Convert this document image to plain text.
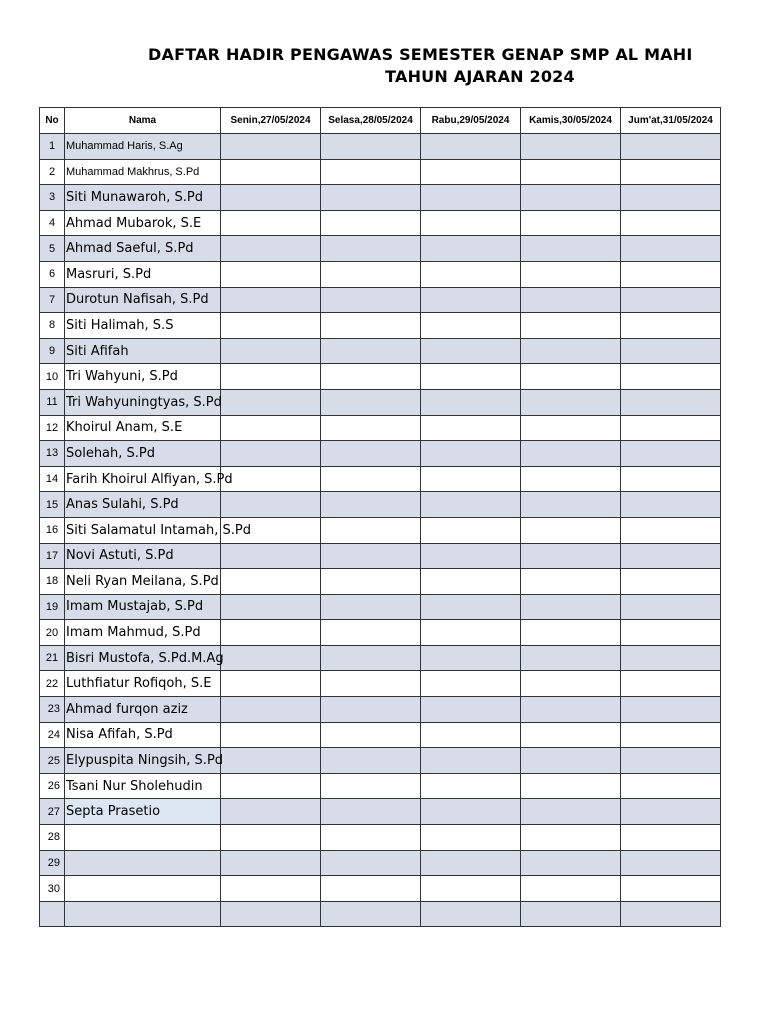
DAFTAR HADIR PENGAWAS SEMESTER GENAP SMP AL MAHI
TAHUN AJARAN 2024
No	Nama	Senin,27/05/2024	Selasa,28/05/2024	Rabu,29/05/2024	Kamis,30/05/2024	Jum'at,31/05/2024
1	Muhammad Haris, S.Ag					
2	Muhammad Makhrus, S.Pd					
3	Siti Munawaroh, S.Pd					
4	Ahmad Mubarok, S.E					
5	Ahmad Saeful, S.Pd					
6	Masruri, S.Pd					
7	Durotun Nafisah, S.Pd					
8	Siti Halimah, S.S					
9	Siti Afifah					
10	Tri Wahyuni, S.Pd					
11	Tri Wahyuningtyas, S.Pd					
12	Khoirul Anam, S.E					
13	Solehah, S.Pd					
14	Farih Khoirul Alfiyan, S.Pd					
15	Anas Sulahi, S.Pd					
16	Siti Salamatul Intamah, S.Pd					
17	Novi Astuti, S.Pd					
18	Neli Ryan Meilana, S.Pd					
19	Imam Mustajab, S.Pd					
20	Imam Mahmud, S.Pd					
21	Bisri Mustofa, S.Pd.M.Ag					
22	Luthfiatur Rofiqoh, S.E					
23	Ahmad furqon aziz					
24	Nisa Afifah, S.Pd					
25	Elypuspita Ningsih, S.Pd					
26	Tsani Nur Sholehudin					
27	Septa Prasetio					
28						
29						
30						
